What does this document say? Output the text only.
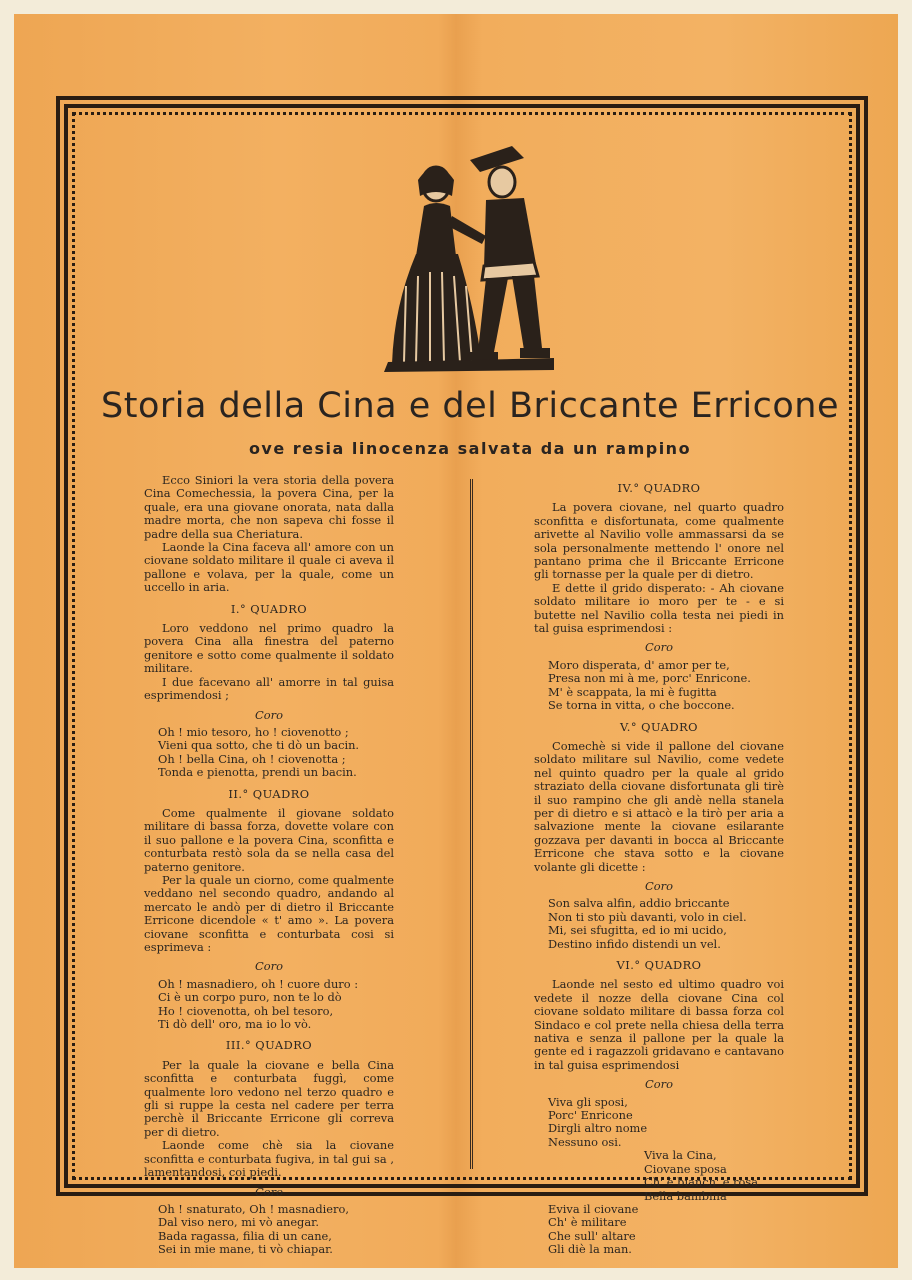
Storia della Cina e del Briccante Erricone
ove resia linocenza salvata da un rampino

Ecco Siniori la vera storia della povera Cina Comechessia, la povera Cina, per la quale, era una giovane onorata, nata dalla madre morta, che non sapeva chi fosse il padre della sua Cheriatura.

Laonde la Cina faceva all' amore con un ciovane soldato militare il quale ci aveva il pallone e volava, per la quale, come un uccello in aria.

I.° QUADRO

Loro veddono nel primo quadro la povera Cina alla finestra del paterno genitore e sotto come qualmente il soldato militare.

I due facevano all' amorre in tal guisa esprimendosi ;

Coro
Oh ! mio tesoro, ho ! ciovenotto ;
Vieni qua sotto, che ti dò un bacin.
Oh ! bella Cina, oh ! ciovenotta ;
Tonda e pienotta, prendi un bacin.
II.° QUADRO

Come qualmente il giovane soldato militare di bassa forza, dovette volare con il suo pallone e la povera Cina, sconfitta e conturbata restò sola da se nella casa del paterno genitore.

Per la quale un ciorno, come qualmente veddano nel secondo quadro, andando al mercato le andò per di dietro il Briccante Erricone dicendole « t' amo ». La povera ciovane sconfitta e conturbata cosi si esprimeva :

Coro
Oh ! masnadiero, oh ! cuore duro :
Ci è un corpo puro, non te lo dò
Ho ! ciovenotta, oh bel tesoro,
Ti dò dell' oro, ma io lo vò.
III.° QUADRO

Per la quale la ciovane e bella Cina sconfitta e conturbata fuggì, come qualmente loro vedono nel terzo quadro e gli si ruppe la cesta nel cadere per terra perchè il Briccante Erricone gli correva per di dietro.

Laonde come chè sia la ciovane sconfitta e conturbata fugiva, in tal gui sa , lamentandosi, coi piedi.

Coro
Oh ! snaturato, Oh ! masnadiero,
Dal viso nero, mi vò anegar.
Bada ragassa, filia di un cane,
Sei in mie mane, ti vò chiapar.
IV.° QUADRO

La povera ciovane, nel quarto quadro sconfitta e disfortunata, come qualmente arivette al Navilio volle ammassarsi da se sola personalmente mettendo l' onore nel pantano prima che il Briccante Erricone gli tornasse per la quale per di dietro.

E dette il grido disperato: - Ah ciovane soldato militare io moro per te - e si butette nel Navilio colla testa nei piedi in tal guisa esprimendosi :

Coro
Moro disperata, d' amor per te,
Presa non mi à me, porc' Enricone.
M' è scappata, la mi è fugitta
Se torna in vitta, o che boccone.
V.° QUADRO

Comechè si vide il pallone del ciovane soldato militare sul Navilio, come vedete nel quinto quadro per la quale al grido straziato della ciovane disfortunata gli tirè il suo rampino che gli andè nella stanela per di dietro e si attacò e la tirò per aria a salvazione mente la ciovane esilarante gozzava per davanti in bocca al Briccante Erricone che stava sotto e la ciovane volante gli dicette :

Coro
Son salva alfin, addio briccante
Non ti sto più davanti, volo in ciel.
Mi, sei sfugitta, ed io mi ucido,
Destino infido distendi un vel.
VI.° QUADRO

Laonde nel sesto ed ultimo quadro voi vedete il nozze della ciovane Cina col ciovane soldato militare di bassa forza col Sindaco e col prete nella chiesa della terra nativa e senza il pallone per la quale la gente ed i ragazzoli gridavano e cantavano in tal guisa esprimendosi

Coro
Viva gli sposi,
Porc' Enricone
Dirgli altro nome
Nessuno osi.
Viva la Cina,
Ciovane sposa
Ch' è bianch' e rosa
Bella bambina
Eviva il ciovane
Ch' è militare
Che sull' altare
Gli diè la man.
